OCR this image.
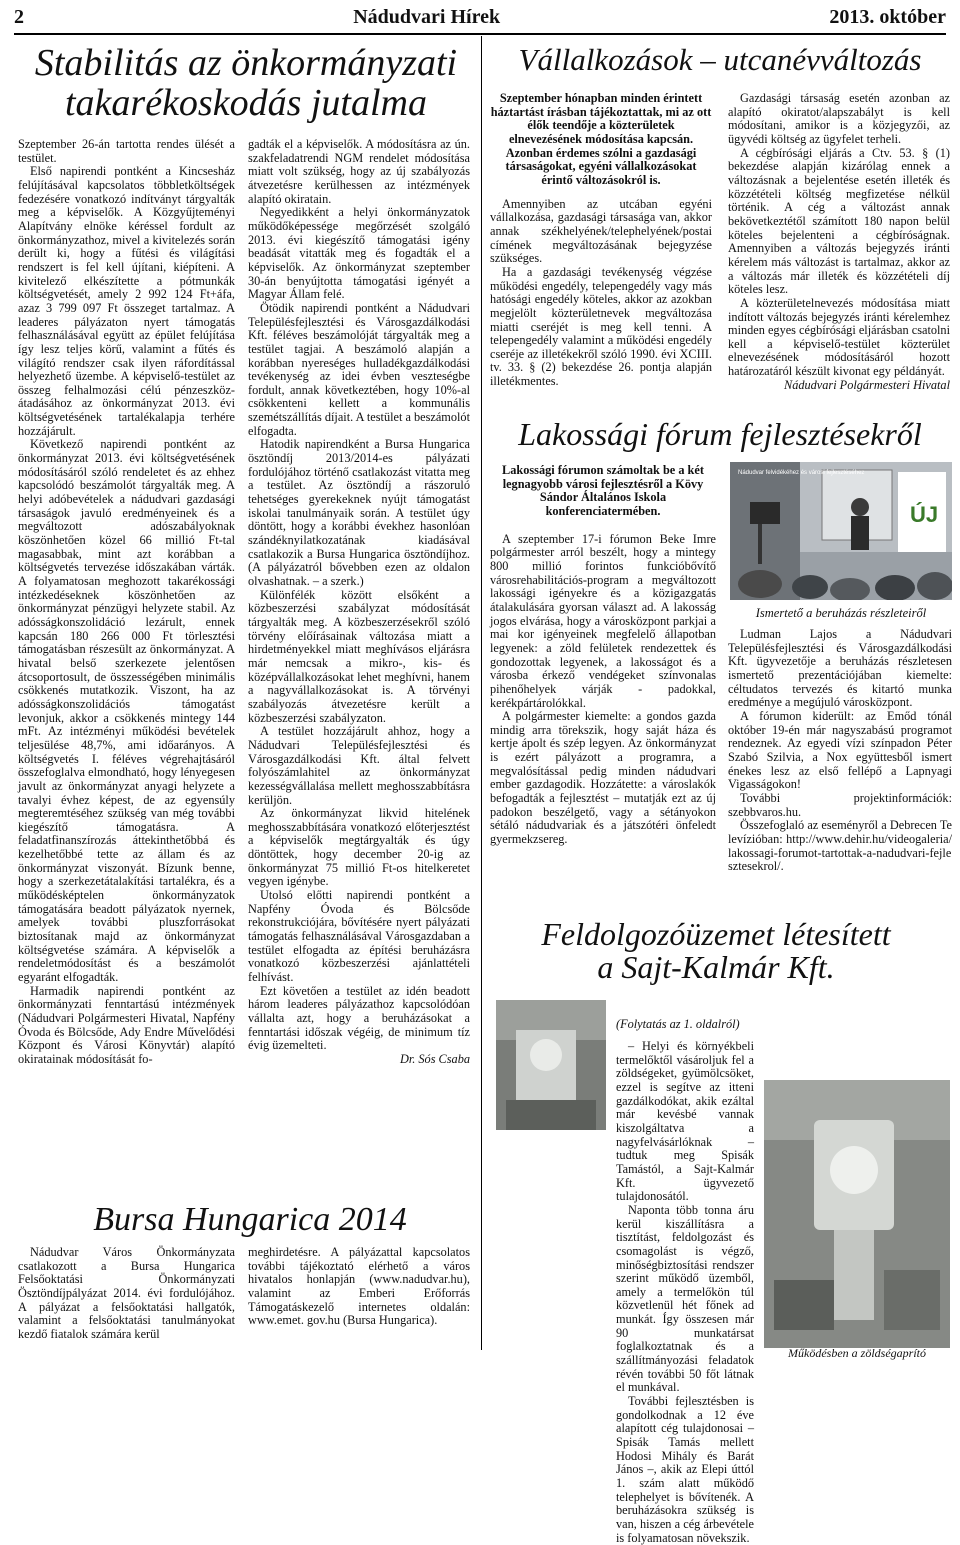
2	Nádudvari Hírek	2013. október
Stabilitás az önkormányzati
takarékoskodás jutalma

Szeptember 26-án tartotta rendes ülését a testület.

Első napirendi pontként a Kincsesház felújításával kapcsolatos többletköltségek fedezésére vonatkozó indítványt tárgyalták meg a képviselők. A Közgyűjteményi Alapítvány elnöke kéréssel fordult az önkormányzathoz, mivel a kivitelezés során derült ki, hogy a fűtési és világítási rendszert is fel kell újítani, kiépíteni. A kivitelező elkészítette a pótmunkák költségvetését, amely 2 992 124 Ft+áfa, azaz 3 799 097 Ft összeget tartalmaz. A leaderes pályázaton nyert támogatás felhasználásával együtt az épület felújítása így lesz teljes körű, valamint a fűtés és világító rendszer csak ilyen ráfordítással helyezhető üzembe. A képviselő-testület az összeg felhalmozási célú pénzeszköz-átadásához az önkormányzat 2013. évi költségvetésének tartalékalapja terhére hozzájárult.

Következő napirendi pontként az önkormányzat 2013. évi költségvetésének módosításáról szóló rendeletet és az ehhez kapcsolódó beszámolót tárgyalták meg. A helyi adóbevételek a nádudvari gazdasági társaságok javuló eredményeinek és a megváltozott adószabályoknak köszönhetően közel 66 millió Ft-tal magasabbak, mint azt korábban a költségvetés tervezése időszakában várták. A folyamatosan meghozott takarékossági intézkedéseknek köszönhetően az önkormányzat pénzügyi helyzete stabil. Az adósságkonszolidáció lezárult, ennek kapcsán 180 266 000 Ft törlesztési támogatásban részesült az önkormányzat. A hivatal belső szerkezete jelentősen átcsoportosult, de összességében minimális csökkenés mutatkozik. Viszont, ha az adósságkonszolidációs támogatást levonjuk, akkor a csökkenés mintegy 144 mFt. Az intézményi működési bevételek teljesülése 48,7%, ami időarányos. A költségvetés I. féléves végrehajtásáról összefoglalva elmondható, hogy lényegesen javult az önkormányzat anyagi helyzete a tavalyi évhez képest, de az egyensúly megteremtéséhez szükség van még további kiegészítő támogatásra. A feladatfinanszírozás áttekinthetőbbá és kezelhetőbbé tette az állam és az önkormányzat viszonyát. Bízunk benne, hogy a szerkezetátalakítási tartalékra, és a működésképtelen önkormányzatok támogatására beadott pályázatok nyernek, amelyek további pluszforrásokat biztosítanak majd az önkormányzat költségvetése számára. A képviselők a rendeletmódosítást és a beszámolót egyaránt elfogadták.

Harmadik napirendi pontként az önkormányzati fenntartású intézmények (Nádudvari Polgármesteri Hivatal, Napfény Óvoda és Bölcsőde, Ady Endre Művelődési Központ és Városi Könyvtár) alapító okiratainak módosítását fo-

gadták el a képviselők. A módosításra az ún. szakfeladatrendi NGM rendelet módosítása miatt volt szükség, hogy az új szabályozás átvezetésre kerülhessen az intézmények alapító okiratain.

Negyedikként a helyi önkormányzatok működőképessége megőrzését szolgáló 2013. évi kiegészítő támogatási igény beadását vitatták meg és fogadták el a képviselők. Az önkormányzat szeptember 30-án benyújtotta támogatási igényét a Magyar Állam felé.

Ötödik napirendi pontként a Nádudvari Településfejlesztési és Városgazdálkodási Kft. féléves beszámolóját tárgyalták meg a testület tagjai. A beszámoló alapján a korábban nyereséges hulladékgazdálkodási tevékenység az idei évben veszteségbe fordult, annak következtében, hogy 10%-al csökkenteni kellett a kommunális szemétszállítás díjait. A testület a beszámolót elfogadta.

Hatodik napirendként a Bursa Hungarica ösztöndíj 2013/2014-es pályázati fordulójához történő csatlakozást vitatta meg a testület. Az ösztöndíj a rászoruló tehetséges gyerekeknek nyújt támogatást iskolai tanulmányaik során. A testület úgy döntött, hogy a korábbi évekhez hasonlóan szándéknyilatkozatának kiadásával csatlakozik a Bursa Hungarica ösztöndíjhoz. (A pályázatról bővebben ezen az oldalon olvashatnak. – a szerk.)

Különfélék között elsőként a közbeszerzési szabályzat módosítását tárgyalták meg. A közbeszerzésekről szóló törvény előírásainak változása miatt a hirdetményekkel miatt meghívásos eljárásra már nemcsak a mikro-, kis- és középvállalkozásokat lehet meghívni, hanem a nagyvállalkozásokat is. A törvényi szabályozás átvezetésre került a közbeszerzési szabályzaton.

A testület hozzájárult ahhoz, hogy a Nádudvari Településfejlesztési és Városgazdálkodási Kft. által felvett folyószámlahitel az önkormányzat kezességvállalása mellett meghosszabbításra kerüljön.

Az önkormányzat likvid hitelének meghosszabbítására vonatkozó előterjesztést a képviselők megtárgyalták és úgy döntöttek, hogy december 20-ig az önkormányzat 75 millió Ft-os hitelkeretet vegyen igénybe.

Utolsó előtti napirendi pontként a Napfény Óvoda és Bölcsőde rekonstrukciójára, bővítésére nyert pályázati támogatás felhasználásával Városgazdaban a testület elfogadta az építési beruházásra vonatkozó közbeszerzési ajánlattételi felhívást.

Ezt követően a testület az idén beadott három leaderes pályázathoz kapcsolódóan vállalta azt, hogy a beruházásokat a fenntartási időszak végéig, de minimum tíz évig üzemelteti.

Dr. Sós Csaba

Bursa Hungarica 2014

Nádudvar Város Önkormányzata csatlakozott a Bursa Hungarica Felsőoktatási Önkormányzati Ösztöndíjpályázat 2014. évi fordulójához. A pályázat a felsőoktatási hallgatók, valamint a felsőoktatási tanulmányokat kezdő fiatalok számára kerül

meghirdetésre. A pályázattal kapcsolatos további tájékoztató elérhető a város hivatalos honlapján (www.nadudvar.hu), valamint az Emberi Erőforrás Támogatáskezelő internetes oldalán: www.emet. gov.hu (Bursa Hungarica).

Vállalkozások – utcanévváltozás

Szeptember hónapban minden érintett háztartást írásban tájékoztattak, mi az ott élők teendője a közterületek elnevezésének módosítása kapcsán. Azonban érdemes szólni a gazdasági társaságokat, egyéni vállalkozásokat érintő változásokról is.

Amennyiben az utcában egyéni vállalkozása, gazdasági társasága van, akkor annak székhelyének/telephelyének/postai címének megváltozásának bejegyzése szükséges.

Ha a gazdasági tevékenység végzése működési engedély, telepengedély vagy más hatósági engedély köteles, akkor az azokban megjelölt közterületnevek megváltozása miatti cseréjét is meg kell tenni. A telepengedély valamint a működési engedély cseréje az illetékekről szóló 1990. évi XCIII. tv. 33. § (2) bekezdése 26. pontja alapján illetékmentes.

Gazdasági társaság esetén azonban az alapító okiratot/alapszabályt is kell módosítani, amikor is a közjegyzői, az ügyvédi költség az ügyfelet terheli.

A cégbírósági eljárás a Ctv. 53. § (1) bekezdése alapján kizárólag ennek a változásnak a bejelentése esetén illeték és közzétételi költség megfizetése nélkül történik. A cég a változást annak bekövetkeztétől számított 180 napon belül köteles bejelenteni a cégbíróságnak. Amennyiben a változás bejegyzés iránti kérelem más változást is tartalmaz, akkor az a változás már illeték és közzétételi díj köteles lesz.

A közterületelnevezés módosítása miatt indított változás bejegyzés iránti kérelemhez minden egyes cégbírósági eljárásban csatolni kell a képviselő-testület közterület elnevezésének módosításáról hozott határozatáról készült kivonat egy példányát.

Nádudvari Polgármesteri Hivatal

Lakossági fórum fejlesztésekről

Lakossági fórumon számoltak be a két legnagyobb városi fejlesztésről a Kövy Sándor Általános Iskola konferenciatermében.

A szeptember 17-i fórumon Beke Imre polgármester arról beszélt, hogy a mintegy 800 millió forintos funkcióbővítő városrehabilitációs-program a megváltozott lakossági igényekre és a közigazgatás átalakulására gyorsan választ ad. A lakosság jogos elvárása, hogy a városközpont parkjai a mai kor igényeinek megfelelő állapotban legyenek: a zöld felületek rendezettek és gondozottak legyenek, a lakosságot és a városba érkező vendégeket színvonalas pihenőhelyek várják - padokkal, kerékpártárolókkal.

A polgármester kiemelte: a gondos gazda mindig arra törekszik, hogy saját háza és kertje ápolt és szép legyen. Az önkormányzat is ezért pályázott a programra, a megvalósítással pedig minden nádudvari ember gazdagodik. Hozzátette: a városlakók befogadták a fejlesztést – mutatják ezt az új padokon beszélgető, vagy a sétányokon sétáló nádudvariak és a játszótéri önfeledt gyermekzsereg.

ÚJ
Nádudvar felvidékéhez és városi fejlesztéséhez
Ismertető a beruházás részleteiről

Ludman Lajos a Nádudvari Településfejlesztési és Városgazdálkodási Kft. ügyvezetője a beruházás részletesen ismertető prezentációjában kiemelte: céltudatos tervezés és kitartó munka eredménye a megújuló városközpont.

A fórumon kiderült: az Emőd tónál október 19-én már nagyszabású programot rendeznek. Az egyedi vízi színpadon Péter Szabó Szilvia, a Nox együttesből ismert énekes lesz az első fellépő a Lapnyagi Vigasságokon!

További projektinformációk: szebbvaros.hu.

Összefoglaló az eseményről a Debrecen Televízióban: http://www.dehir.hu/videogaleria/lakossagi-forumot-tartottak-a-nadudvari-fejlesztesekrol/.

Feldolgozóüzemet létesített
a Sajt-Kalmár Kft.
Működésben a zöldségaprító

(Folytatás az 1. oldalról)

– Helyi és környékbeli termelőktől vásároljuk fel a zöldségeket, gyümölcsöket, ezzel is segítve az itteni gazdálkodókat, akik ezáltal már kevésbé vannak kiszolgáltatva a nagyfelvásárlóknak – tudtuk meg Spisák Tamástól, a Sajt-Kalmár Kft. ügyvezető tulajdonosától.

Naponta több tonna áru kerül kiszállításra a tisztítást, feldolgozást és csomagolást is végző, minőségbiztosítási rendszer szerint működő üzemből, amely a termelőkön túl közvetlenül hét főnek ad munkát. Így összesen már 90 munkatársat foglalkoztatnak és a szállítmányozási feladatok révén további 50 főt látnak el munkával.

További fejlesztésben is gondolkodnak a 12 éve alapított cég tulajdonosai – Spisák Tamás mellett Hodosi Mihály és Barát János –, akik az Elepi úttól 1. szám alatt működő telephelyet is bővítenék. A beruházásokra szükség is van, hiszen a cég árbevétele is folyamatosan növekszik.
